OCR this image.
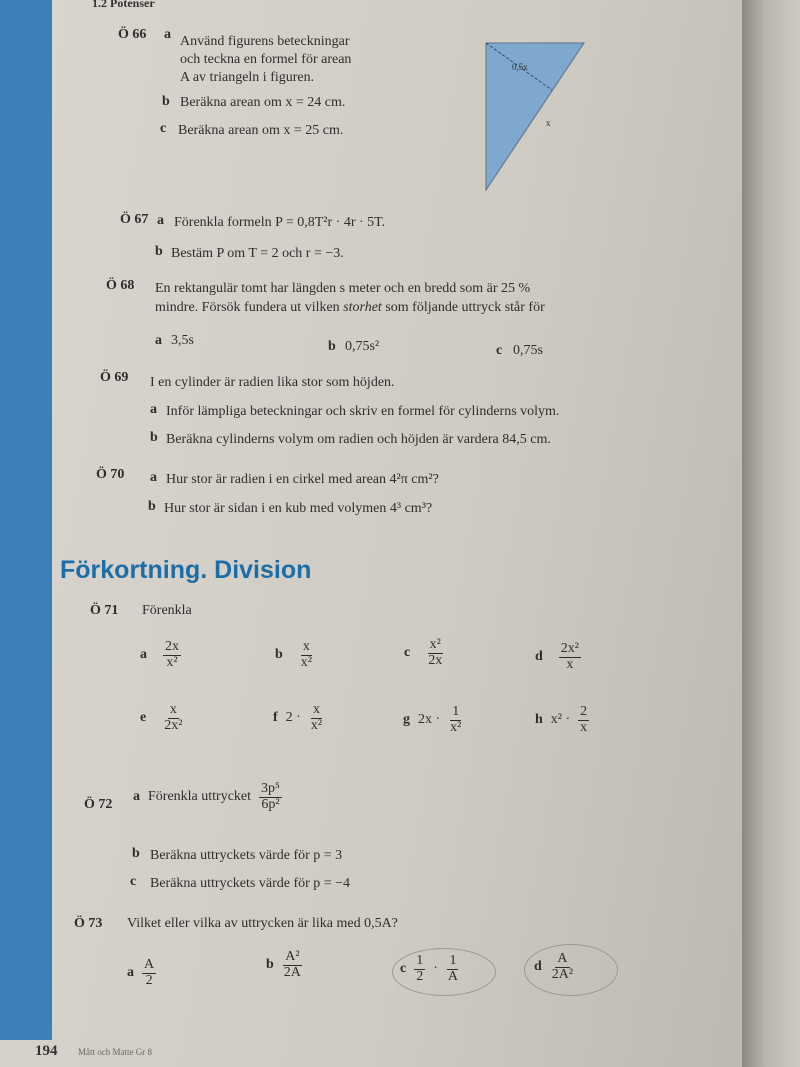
1.2 Potenser
0,5x
x
Ö 66 a Använd figurens beteckningar
och teckna en formel för arean
A av triangeln i figuren.
b Beräkna arean om x = 24 cm.
c Beräkna arean om x = 25 cm.
Ö 67 a Förenkla formeln P = 0,8T²r · 4r · 5T.
b Bestäm P om T = 2 och r = −3.
Ö 68 En rektangulär tomt har längden s meter och en bredd som är 25 %
mindre. Försök fundera ut vilken storhet som följande uttryck står för
a 3,5s	b 0,75s²	c 0,75s
Ö 69 I en cylinder är radien lika stor som höjden.
a Inför lämpliga beteckningar och skriv en formel för cylinderns volym.
b Beräkna cylinderns volym om radien och höjden är vardera 84,5 cm.
Ö 70 a Hur stor är radien i en cirkel med arean 4²π cm²?
b Hur stor är sidan i en kub med volymen 4³ cm³?
Förkortning. Division
Ö 71 Förenkla
a $\frac{2x}{\text{x²}}$	b $\frac{x}{\text{x²}}$	c $\frac{\text{x²}}{2x}$	d $\frac{\text{2x²}}{x}$
e $\frac{x}{\text{2x²}}$	f $2 \cdot \frac{x}{\text{x²}}$	g $2x \cdot \frac{1}{\text{x²}}$	h $x^2 \cdot \frac{2}{x}$
Ö 72
a Förenkla uttrycket $\frac{\text{3p⁵}}{\text{6p²}}$
b Beräkna uttryckets värde för p = 3
c Beräkna uttryckets värde för p = −4
Ö 73 Vilket eller vilka av uttrycken är lika med 0,5A?
a $\frac{A}{2}$	b $\frac{\text{A²}}{2A}$	c $\frac{1}{2} \cdot \frac{1}{A}$	d $\frac{A}{\text{2A²}}$
194 Mått och Matte Gr 8
